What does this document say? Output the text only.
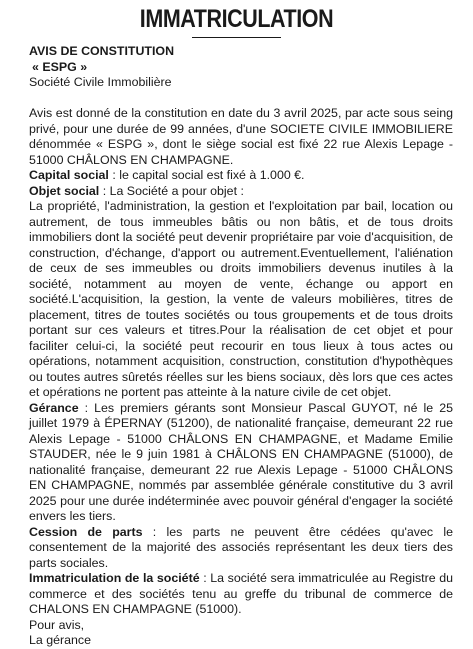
IMMATRICULATION

AVIS DE CONSTITUTION

« ESPG »

Société Civile Immobilière

Avis est donné de la constitution en date du 3 avril 2025, par acte sous seing privé, pour une durée de 99 années, d'une SOCIETE CIVILE IMMOBILIERE dénommée « ESPG », dont le siège social est fixé 22 rue Alexis Lepage - 51000 CHÂLONS EN CHAMPAGNE.

Capital social : le capital social est fixé à 1.000 €.

Objet social : La Société a pour objet :

La propriété, l'administration, la gestion et l'exploitation par bail, location ou autrement, de tous immeubles bâtis ou non bâtis, et de tous droits immobiliers dont la société peut devenir propriétaire par voie d'acquisition, de construction, d'échange, d'apport ou autrement.Eventuellement, l'aliénation de ceux de ses immeubles ou droits immobiliers devenus inutiles à la société, notamment au moyen de vente, échange ou apport en société.L'acquisition, la gestion, la vente de valeurs mobilières, titres de placement, titres de toutes sociétés ou tous groupements et de tous droits portant sur ces valeurs et titres.Pour la réalisation de cet objet et pour faciliter celui-ci, la société peut recourir en tous lieux à tous actes ou opérations, notamment acquisition, construction, constitution d'hypothèques ou toutes autres sûretés réelles sur les biens sociaux, dès lors que ces actes et opérations ne portent pas atteinte à la nature civile de cet objet.

Gérance : Les premiers gérants sont Monsieur Pascal GUYOT, né le 25 juillet 1979 à ÉPERNAY (51200), de nationalité française, demeurant 22 rue Alexis Lepage - 51000 CHÂLONS EN CHAMPAGNE, et Madame Emilie STAUDER, née le 9 juin 1981 à CHÂLONS EN CHAMPAGNE (51000), de nationalité française, demeurant 22 rue Alexis Lepage - 51000 CHÂLONS EN CHAMPAGNE, nommés par assemblée générale constitutive du 3 avril 2025 pour une durée indéterminée avec pouvoir général d'engager la société envers les tiers.

Cession de parts : les parts ne peuvent être cédées qu'avec le consentement de la majorité des associés représentant les deux tiers des parts sociales.

Immatriculation de la société : La société sera immatriculée au Registre du commerce et des sociétés tenu au greffe du tribunal de commerce de CHALONS EN CHAMPAGNE (51000).

Pour avis,

La gérance
